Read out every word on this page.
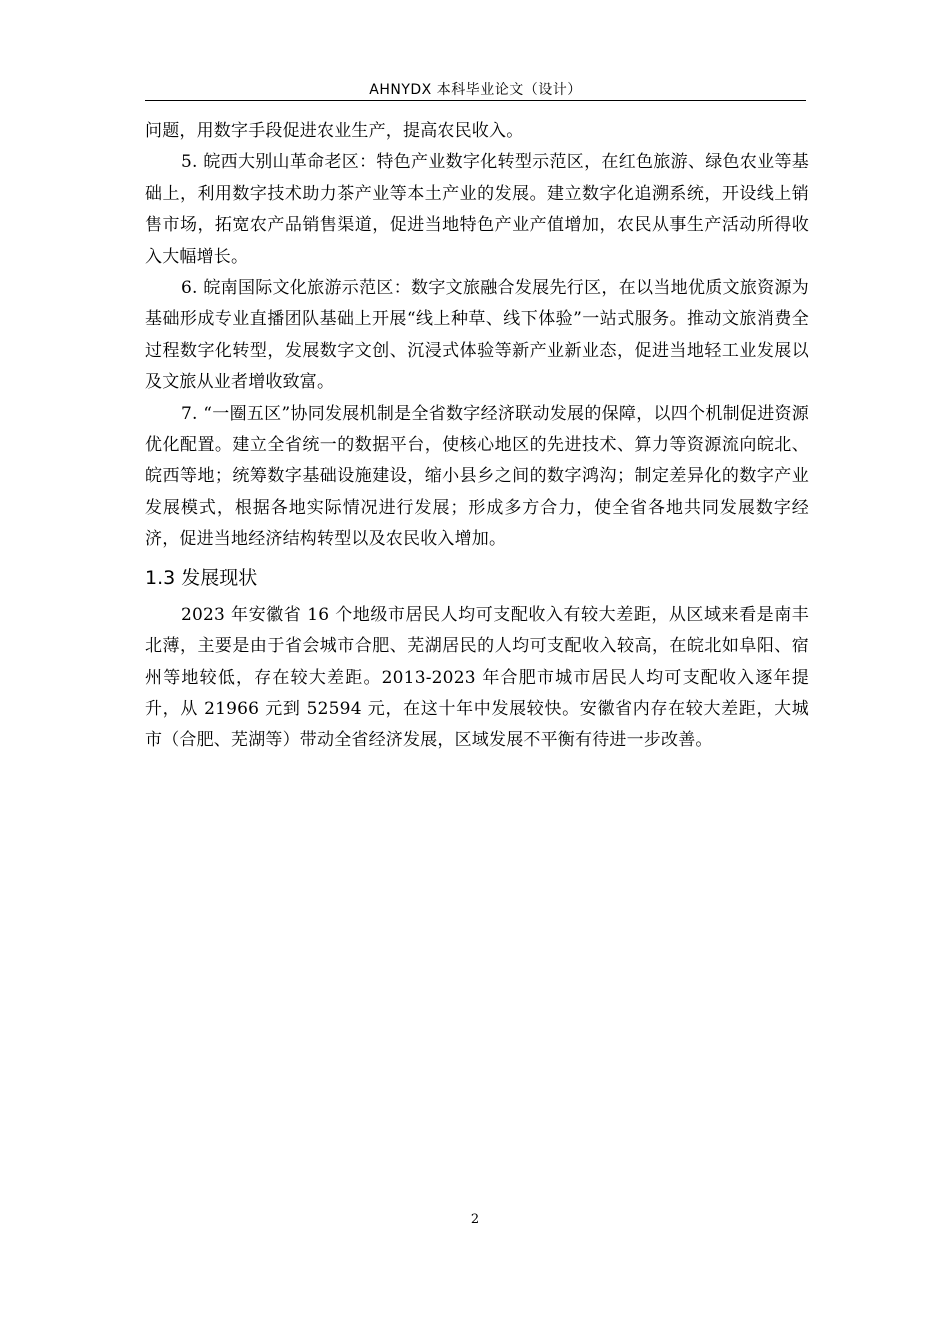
AHNYDX 本科毕业论文（设计）

问题，用数字手段促进农业生产，提高农民收入。

5. 皖西大别山革命老区：特色产业数字化转型示范区，在红色旅游、绿色农业等基础上，利用数字技术助力茶产业等本土产业的发展。建立数字化追溯系统，开设线上销售市场，拓宽农产品销售渠道，促进当地特色产业产值增加，农民从事生产活动所得收入大幅增长。

6. 皖南国际文化旅游示范区：数字文旅融合发展先行区，在以当地优质文旅资源为基础形成专业直播团队基础上开展“线上种草、线下体验”一站式服务。推动文旅消费全过程数字化转型，发展数字文创、沉浸式体验等新产业新业态，促进当地轻工业发展以及文旅从业者增收致富。

7. “一圈五区”协同发展机制是全省数字经济联动发展的保障，以四个机制促进资源优化配置。建立全省统一的数据平台，使核心地区的先进技术、算力等资源流向皖北、皖西等地；统筹数字基础设施建设，缩小县乡之间的数字鸿沟；制定差异化的数字产业发展模式，根据各地实际情况进行发展；形成多方合力，使全省各地共同发展数字经济，促进当地经济结构转型以及农民收入增加。

1.3 发展现状

2023 年安徽省 16 个地级市居民人均可支配收入有较大差距，从区域来看是南丰北薄，主要是由于省会城市合肥、芜湖居民的人均可支配收入较高，在皖北如阜阳、宿州等地较低，存在较大差距。2013-2023 年合肥市城市居民人均可支配收入逐年提升，从 21966 元到 52594 元，在这十年中发展较快。安徽省内存在较大差距，大城市（合肥、芜湖等）带动全省经济发展，区域发展不平衡有待进一步改善。

2
